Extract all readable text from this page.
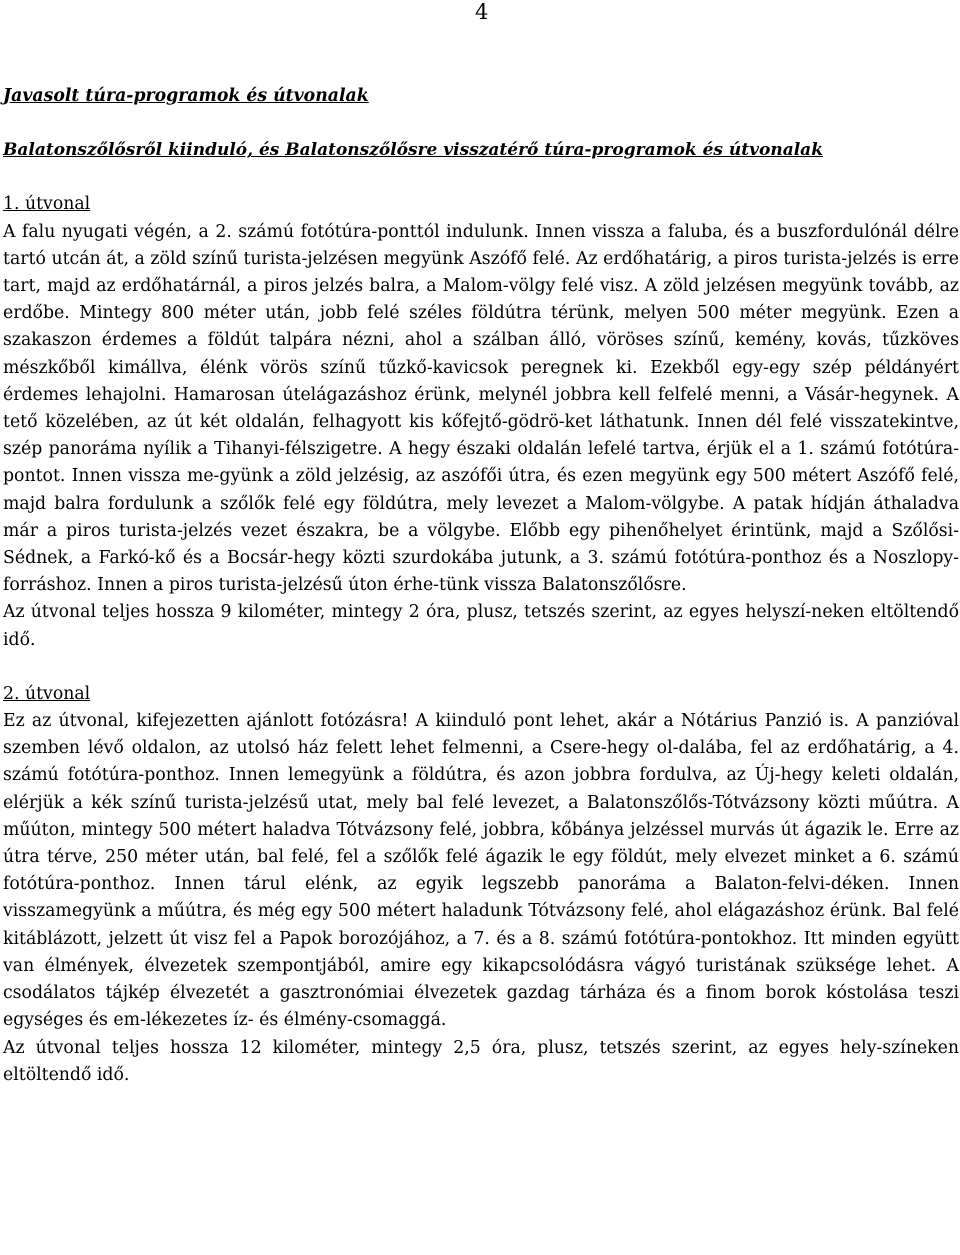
4

Javasolt túra-programok és útvonalak

Balatonszőlősről kiinduló, és Balatonszőlősre visszatérő túra-programok és útvonalak

1. útvonal

A falu nyugati végén, a 2. számú fotótúra-ponttól indulunk. Innen vissza a faluba, és a buszfordulónál délre tartó utcán át, a zöld színű turista-jelzésen megyünk Aszófő felé. Az erdőhatárig, a piros turista-jelzés is erre tart, majd az erdőhatárnál, a piros jelzés balra, a Malom-völgy felé visz. A zöld jelzésen megyünk tovább, az erdőbe. Mintegy 800 méter után, jobb felé széles földútra térünk, melyen 500 méter megyünk. Ezen a szakaszon érdemes a földút talpára nézni, ahol a szálban álló, vöröses színű, kemény, kovás, tűzköves mészkőből kimállva, élénk vörös színű tűzkő-kavicsok peregnek ki. Ezekből egy-egy szép példányért érdemes lehajolni. Hamarosan útelágazáshoz érünk, melynél jobbra kell felfelé menni, a Vásár-hegynek. A tető közelében, az út két oldalán, felhagyott kis kőfejtő-gödrö-ket láthatunk. Innen dél felé visszatekintve, szép panoráma nyílik a Tihanyi-félszigetre. A hegy északi oldalán lefelé tartva, érjük el a 1. számú fotótúra-pontot. Innen vissza me-gyünk a zöld jelzésig, az aszófői útra, és ezen megyünk egy 500 métert Aszófő felé, majd balra fordulunk a szőlők felé egy földútra, mely levezet a Malom-völgybe. A patak hídján áthaladva már a piros turista-jelzés vezet északra, be a völgybe. Előbb egy pihenőhelyet érintünk, majd a Szőlősi-Sédnek, a Farkó-kő és a Bocsár-hegy közti szurdokába jutunk, a 3. számú fotótúra-ponthoz és a Noszlopy-forráshoz. Innen a piros turista-jelzésű úton érhe-tünk vissza Balatonszőlősre.

Az útvonal teljes hossza 9 kilométer, mintegy 2 óra, plusz, tetszés szerint, az egyes helyszí-neken eltöltendő idő.

2. útvonal

Ez az útvonal, kifejezetten ajánlott fotózásra! A kiinduló pont lehet, akár a Nótárius Panzió is. A panzióval szemben lévő oldalon, az utolsó ház felett lehet felmenni, a Csere-hegy ol-dalába, fel az erdőhatárig, a 4. számú fotótúra-ponthoz. Innen lemegyünk a földútra, és azon jobbra fordulva, az Új-hegy keleti oldalán, elérjük a kék színű turista-jelzésű utat, mely bal felé levezet, a Balatonszőlős-Tótvázsony közti műútra. A műúton, mintegy 500 métert haladva Tótvázsony felé, jobbra, kőbánya jelzéssel murvás út ágazik le. Erre az útra térve, 250 méter után, bal felé, fel a szőlők felé ágazik le egy földút, mely elvezet minket a 6. számú fotótúra-ponthoz. Innen tárul elénk, az egyik legszebb panoráma a Balaton-felvi-déken. Innen visszamegyünk a műútra, és még egy 500 métert haladunk Tótvázsony felé, ahol elágazáshoz érünk. Bal felé kitáblázott, jelzett út visz fel a Papok borozójához, a 7. és a 8. számú fotótúra-pontokhoz. Itt minden együtt van élmények, élvezetek szempontjából, amire egy kikapcsolódásra vágyó turistának szüksége lehet. A csodálatos tájkép élvezetét a gasztronómiai élvezetek gazdag tárháza és a finom borok kóstolása teszi egységes és em-lékezetes íz- és élmény-csomaggá.

Az útvonal teljes hossza 12 kilométer, mintegy 2,5 óra, plusz, tetszés szerint, az egyes hely-színeken eltöltendő idő.
